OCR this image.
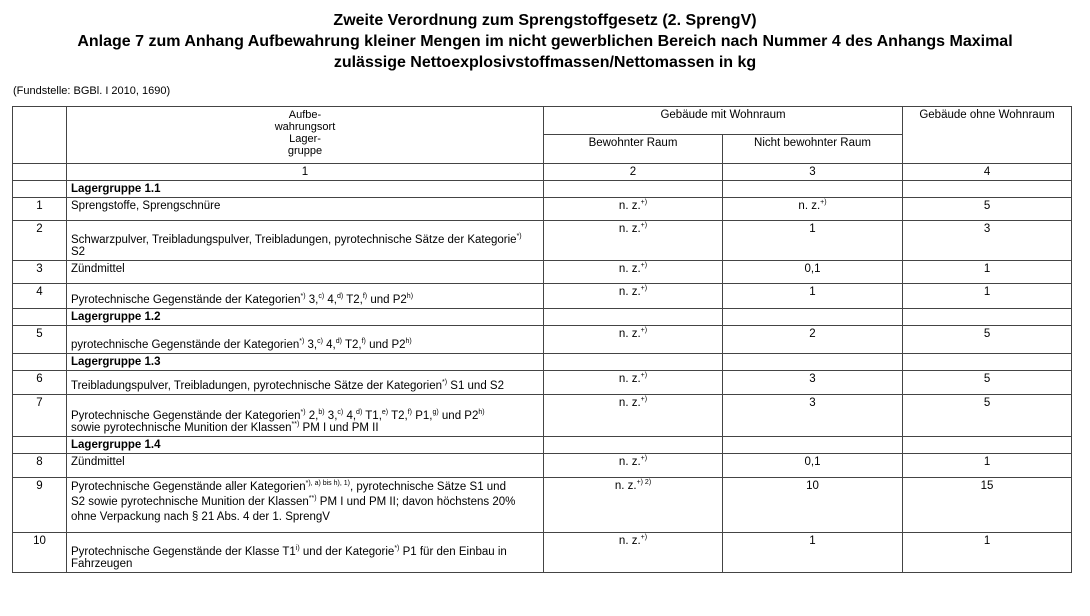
Zweite Verordnung zum Sprengstoffgesetz (2. SprengV)
Anlage 7 zum Anhang Aufbewahrung kleiner Mengen im nicht gewerblichen Bereich nach Nummer 4 des Anhangs Maximal
zulässige Nettoexplosivstoffmassen/Nettomassen in kg
(Fundstelle: BGBl. I 2010, 1690)

	Aufbe-
wahrungsort
Lager-
gruppe	Gebäude mit Wohnraum		Gebäude ohne Wohnraum
		Bewohnter Raum	Nicht bewohnter Raum	
	1	2	3	4
	Lagergruppe 1.1			
1	Sprengstoffe, Sprengschnüre	n. z.+)	n. z.+)	5
2	Schwarzpulver, Treibladungspulver, Treibladungen, pyrotechnische Sätze der Kategorie*)
S2	n. z.+)	1	3
3	Zündmittel	n. z.+)	0,1	1
4	Pyrotechnische Gegenstände der Kategorien*) 3,$^{c)}$ 4,$^{d)}$ T2,$^{f)}$ und P2$^{h)}$	n. z.+)	1	1
	Lagergruppe 1.2			
5	pyrotechnische Gegenstände der Kategorien*) 3,$^{c)}$ 4,$^{d)}$ T2,$^{f)}$ und P2$^{h)}$	n. z.+)	2	5
	Lagergruppe 1.3			
6	Treibladungspulver, Treibladungen, pyrotechnische Sätze der Kategorien*) S1 und S2	n. z.+)	3	5
7	Pyrotechnische Gegenstände der Kategorien*) 2,$^{b)}$ 3,$^{c)}$ 4,$^{d)}$ T1,$^{e)}$ T2,$^{f)}$ P1,$^{g)}$ und P2$^{h)}$
sowie pyrotechnische Munition der Klassen**) PM I und PM II	n. z.+)	3	5
	Lagergruppe 1.4			
8	Zündmittel	n. z.+)	0,1	1
9	Pyrotechnische Gegenstände aller Kategorien$^{*), a) bis h), 1)}$, pyrotechnische Sätze S1 und
S2 sowie pyrotechnische Munition der Klassen**) PM I und PM II; davon höchstens 20%
ohne Verpackung nach § 21 Abs. 4 der 1. SprengV	n. z.$^{+) 2)}$	10	15
10	Pyrotechnische Gegenstände der Klasse T1$^{i)}$ und der Kategorie*) P1 für den Einbau in
Fahrzeugen	n. z.+)	1	1
